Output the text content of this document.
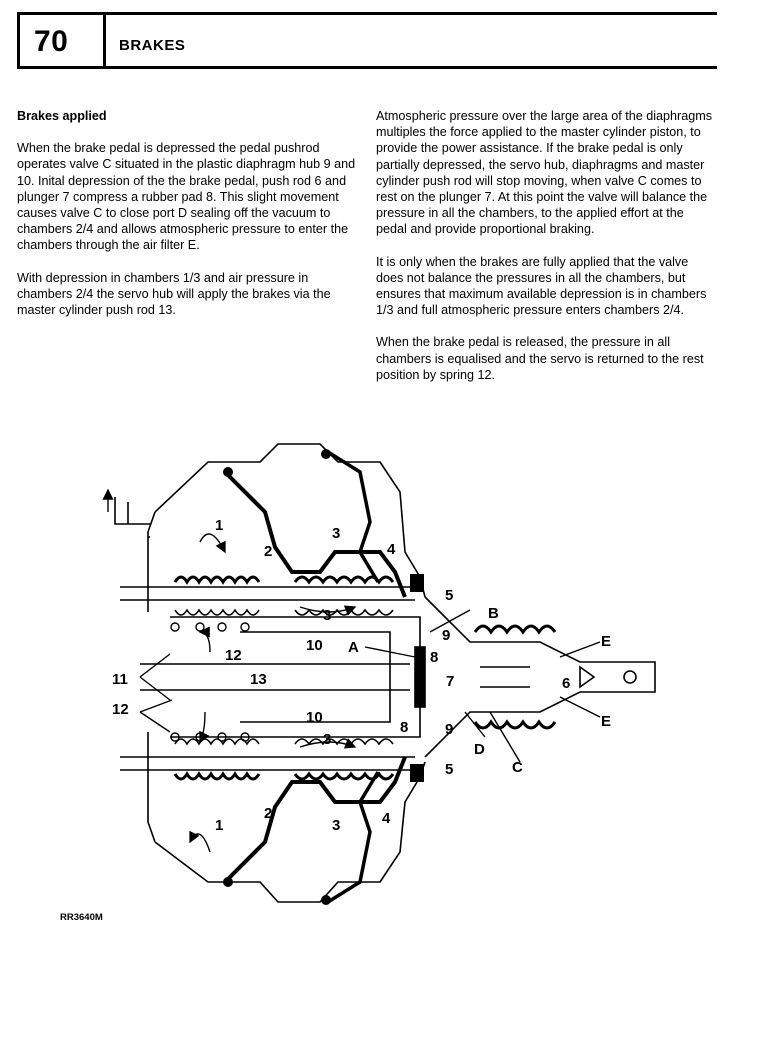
70	BRAKES
Brakes applied

When the brake pedal is depressed the pedal pushrod operates valve C situated in the plastic diaphragm hub 9 and 10. Inital depression of the the brake pedal, push rod 6 and plunger 7 compress a rubber pad 8. This slight movement causes valve C to close port D sealing off the vacuum to chambers 2/4 and allows atmospheric pressure to enter the chambers through the air filter E.

With depression in chambers 1/3 and air pressure in chambers 2/4 the servo hub will apply the brakes via the master cylinder push rod 13.

Atmospheric pressure over the large area of the diaphragms multiples the force applied to the master cylinder piston, to provide the power assistance. If the brake pedal is only partially depressed, the servo hub, diaphragms and master cylinder push rod will stop moving, when valve C comes to rest on the plunger 7. At this point the valve will balance the pressure in all the chambers, to the applied effort at the pedal and provide proportional braking.

It is only when the brakes are fully applied that the valve does not balance the pressures in all the chambers, but ensures that maximum available depression is in chambers 1/3 and full atmospheric pressure enters chambers 2/4.

When the brake pedal is released, the pressure in all chambers is equalised and the servo is returned to the rest position by spring 12.

1
1
2
2
3
3
3
3
4
4
5
5
6
7
8
8
9
9
10
10
11
12
12
13
A
B
C
D
E
E
RR3640M
